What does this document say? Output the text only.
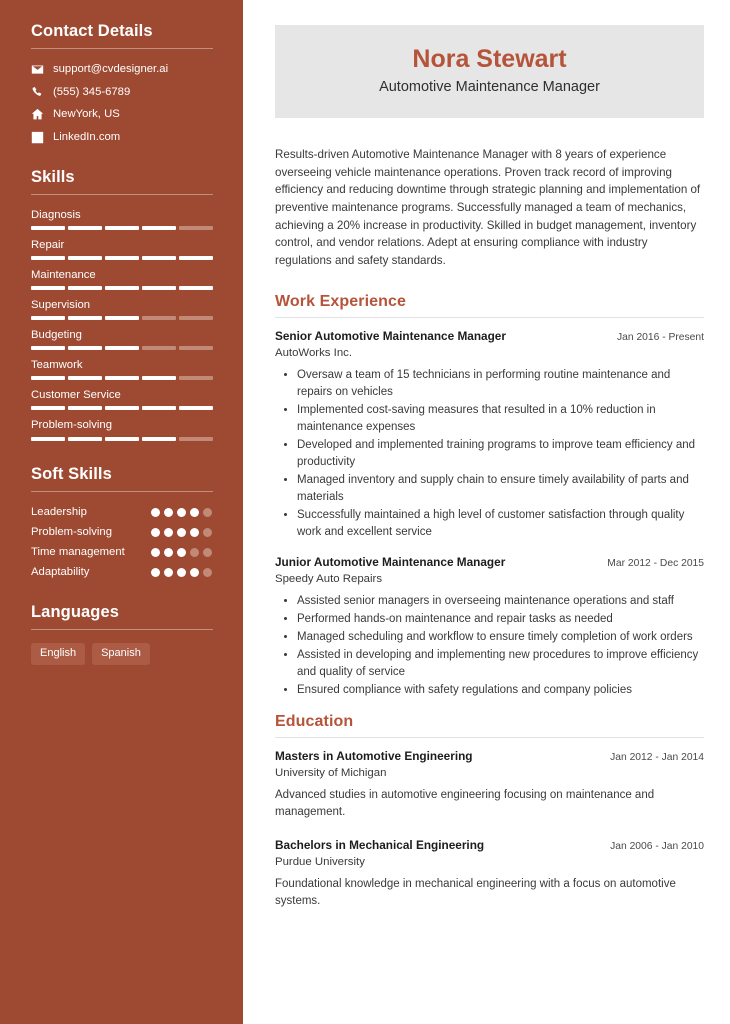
Contact Details
support@cvdesigner.ai
(555) 345-6789
NewYork, US
LinkedIn.com
Skills
Diagnosis
Repair
Maintenance
Supervision
Budgeting
Teamwork
Customer Service
Problem-solving
Soft Skills
Leadership
Problem-solving
Time management
Adaptability
Languages
English	Spanish
Nora Stewart
Automotive Maintenance Manager

Results-driven Automotive Maintenance Manager with 8 years of experience overseeing vehicle maintenance operations. Proven track record of improving efficiency and reducing downtime through strategic planning and implementation of preventive maintenance programs. Successfully managed a team of mechanics, achieving a 20% increase in productivity. Skilled in budget management, inventory control, and vendor relations. Adept at ensuring compliance with industry regulations and safety standards.

Work Experience
Senior Automotive Maintenance Manager	Jan 2016 - Present
AutoWorks Inc.
• Oversaw a team of 15 technicians in performing routine maintenance and repairs on vehicles
• Implemented cost-saving measures that resulted in a 10% reduction in maintenance expenses
• Developed and implemented training programs to improve team efficiency and productivity
• Managed inventory and supply chain to ensure timely availability of parts and materials
• Successfully maintained a high level of customer satisfaction through quality work and excellent service
Junior Automotive Maintenance Manager	Mar 2012 - Dec 2015
Speedy Auto Repairs
• Assisted senior managers in overseeing maintenance operations and staff
• Performed hands-on maintenance and repair tasks as needed
• Managed scheduling and workflow to ensure timely completion of work orders
• Assisted in developing and implementing new procedures to improve efficiency and quality of service
• Ensured compliance with safety regulations and company policies
Education
Masters in Automotive Engineering	Jan 2012 - Jan 2014
University of Michigan
Advanced studies in automotive engineering focusing on maintenance and management.
Bachelors in Mechanical Engineering	Jan 2006 - Jan 2010
Purdue University
Foundational knowledge in mechanical engineering with a focus on automotive systems.
